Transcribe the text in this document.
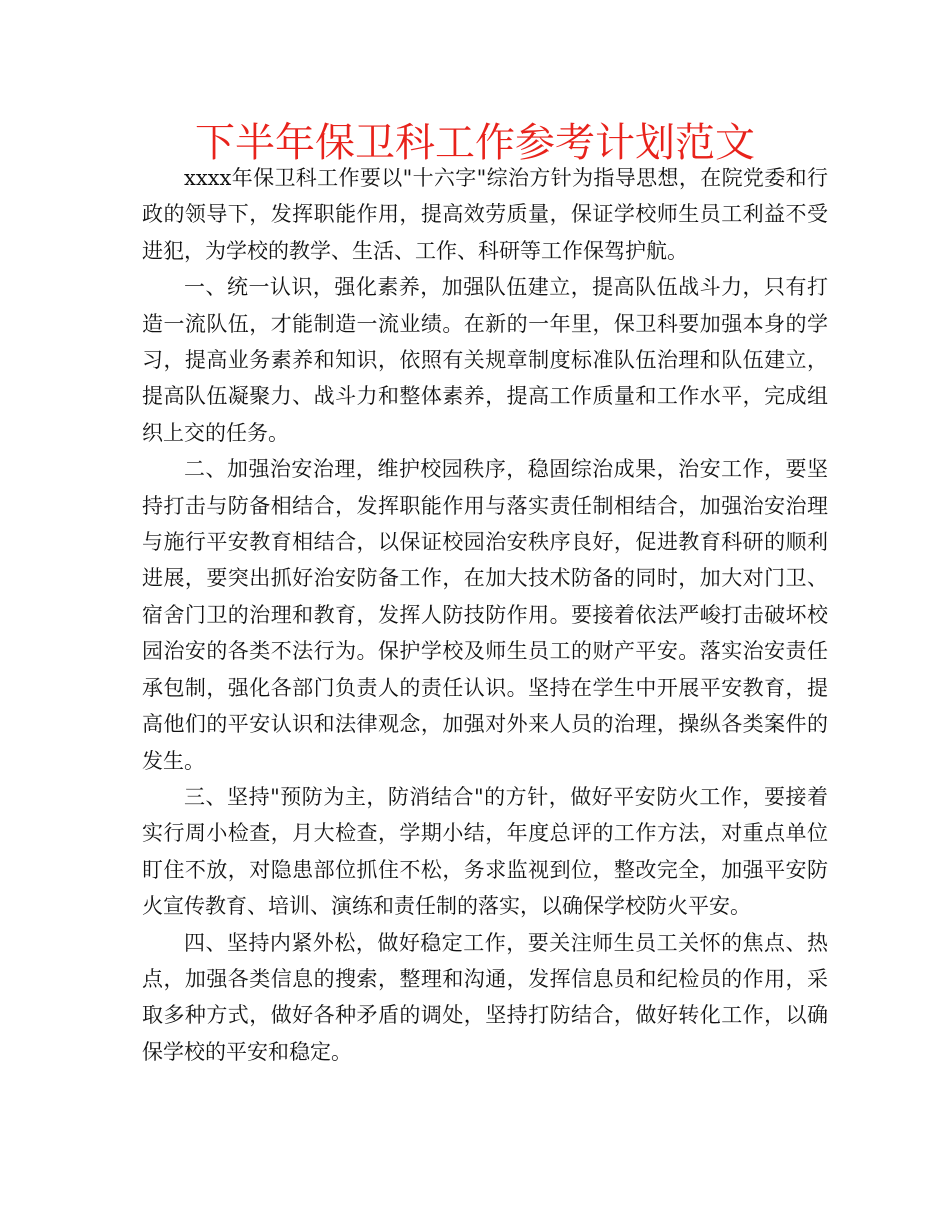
下半年保卫科工作参考计划范文

xxxx年保卫科工作要以"十六字"综治方针为指导思想，在院党委和行政的领导下，发挥职能作用，提高效劳质量，保证学校师生员工利益不受进犯，为学校的教学、生活、工作、科研等工作保驾护航。

一、统一认识，强化素养，加强队伍建立，提高队伍战斗力，只有打造一流队伍，才能制造一流业绩。在新的一年里，保卫科要加强本身的学习，提高业务素养和知识，依照有关规章制度标准队伍治理和队伍建立，提高队伍凝聚力、战斗力和整体素养，提高工作质量和工作水平，完成组织上交的任务。

二、加强治安治理，维护校园秩序，稳固综治成果，治安工作，要坚持打击与防备相结合，发挥职能作用与落实责任制相结合，加强治安治理与施行平安教育相结合，以保证校园治安秩序良好，促进教育科研的顺利进展，要突出抓好治安防备工作，在加大技术防备的同时，加大对门卫、宿舍门卫的治理和教育，发挥人防技防作用。要接着依法严峻打击破坏校园治安的各类不法行为。保护学校及师生员工的财产平安。落实治安责任承包制，强化各部门负责人的责任认识。坚持在学生中开展平安教育，提高他们的平安认识和法律观念，加强对外来人员的治理，操纵各类案件的发生。

三、坚持"预防为主，防消结合"的方针，做好平安防火工作，要接着实行周小检查，月大检查，学期小结，年度总评的工作方法，对重点单位盯住不放，对隐患部位抓住不松，务求监视到位，整改完全，加强平安防火宣传教育、培训、演练和责任制的落实，以确保学校防火平安。

四、坚持内紧外松，做好稳定工作，要关注师生员工关怀的焦点、热点，加强各类信息的搜索，整理和沟通，发挥信息员和纪检员的作用，采取多种方式，做好各种矛盾的调处，坚持打防结合，做好转化工作，以确保学校的平安和稳定。
